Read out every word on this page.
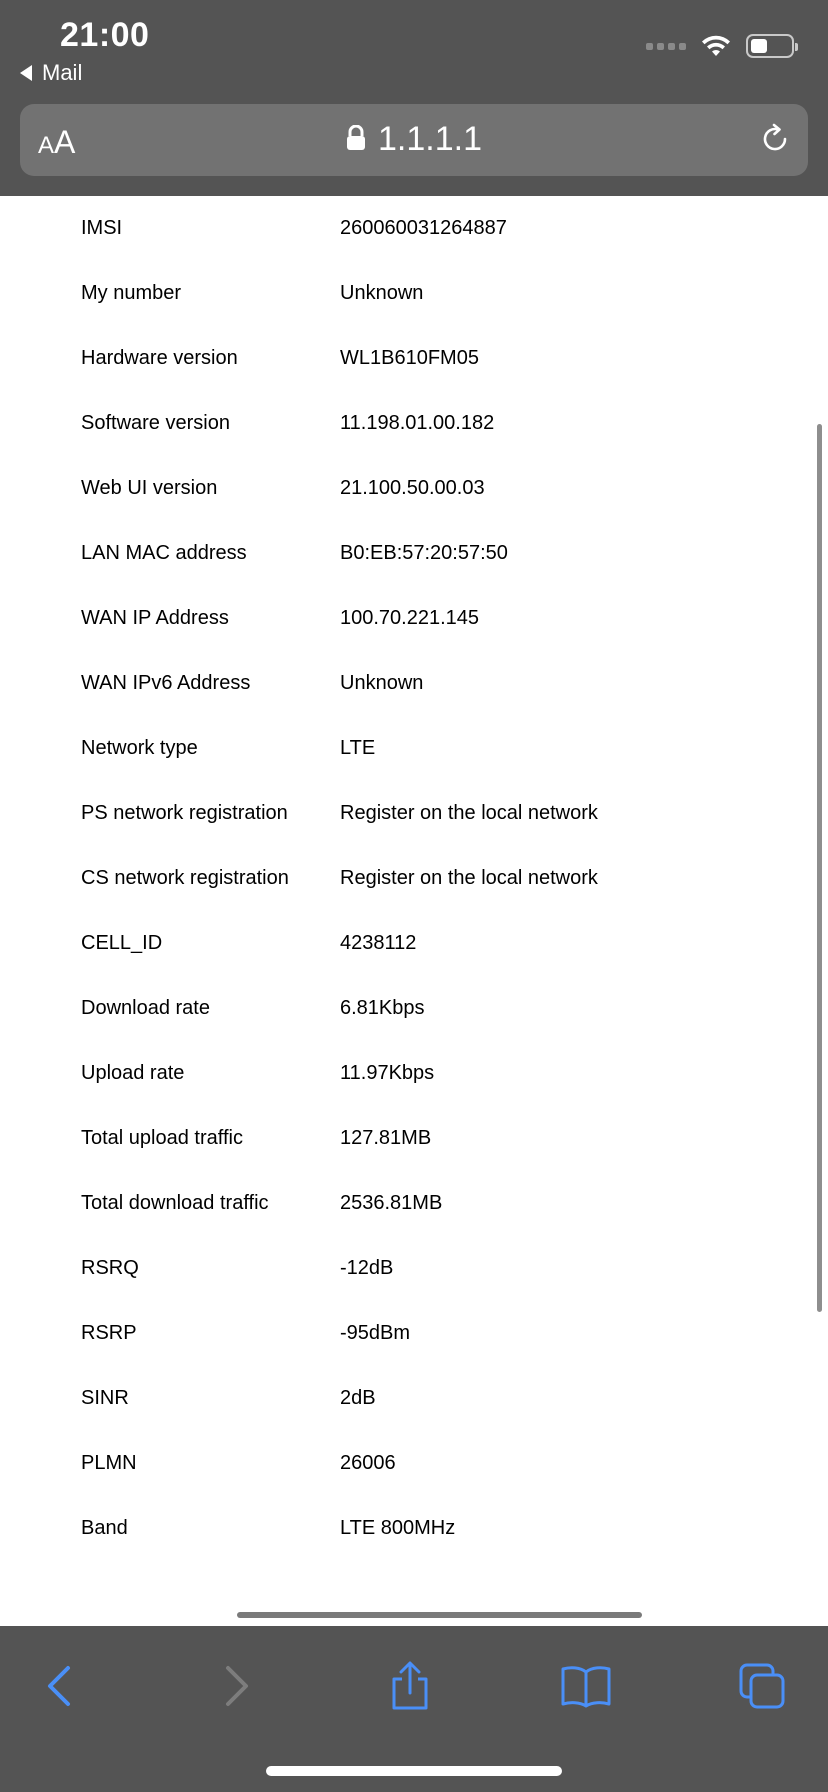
21:00
Mail
AA	1.1.1.1
IMSI	260060031264887
My number	Unknown
Hardware version	WL1B610FM05
Software version	11.198.01.00.182
Web UI version	21.100.50.00.03
LAN MAC address	B0:EB:57:20:57:50
WAN IP Address	100.70.221.145
WAN IPv6 Address	Unknown
Network type	LTE
PS network registration	Register on the local network
CS network registration	Register on the local network
CELL_ID	4238112
Download rate	6.81Kbps
Upload rate	11.97Kbps
Total upload traffic	127.81MB
Total download traffic	2536.81MB
RSRQ	-12dB
RSRP	-95dBm
SINR	2dB
PLMN	26006
Band	LTE 800MHz
